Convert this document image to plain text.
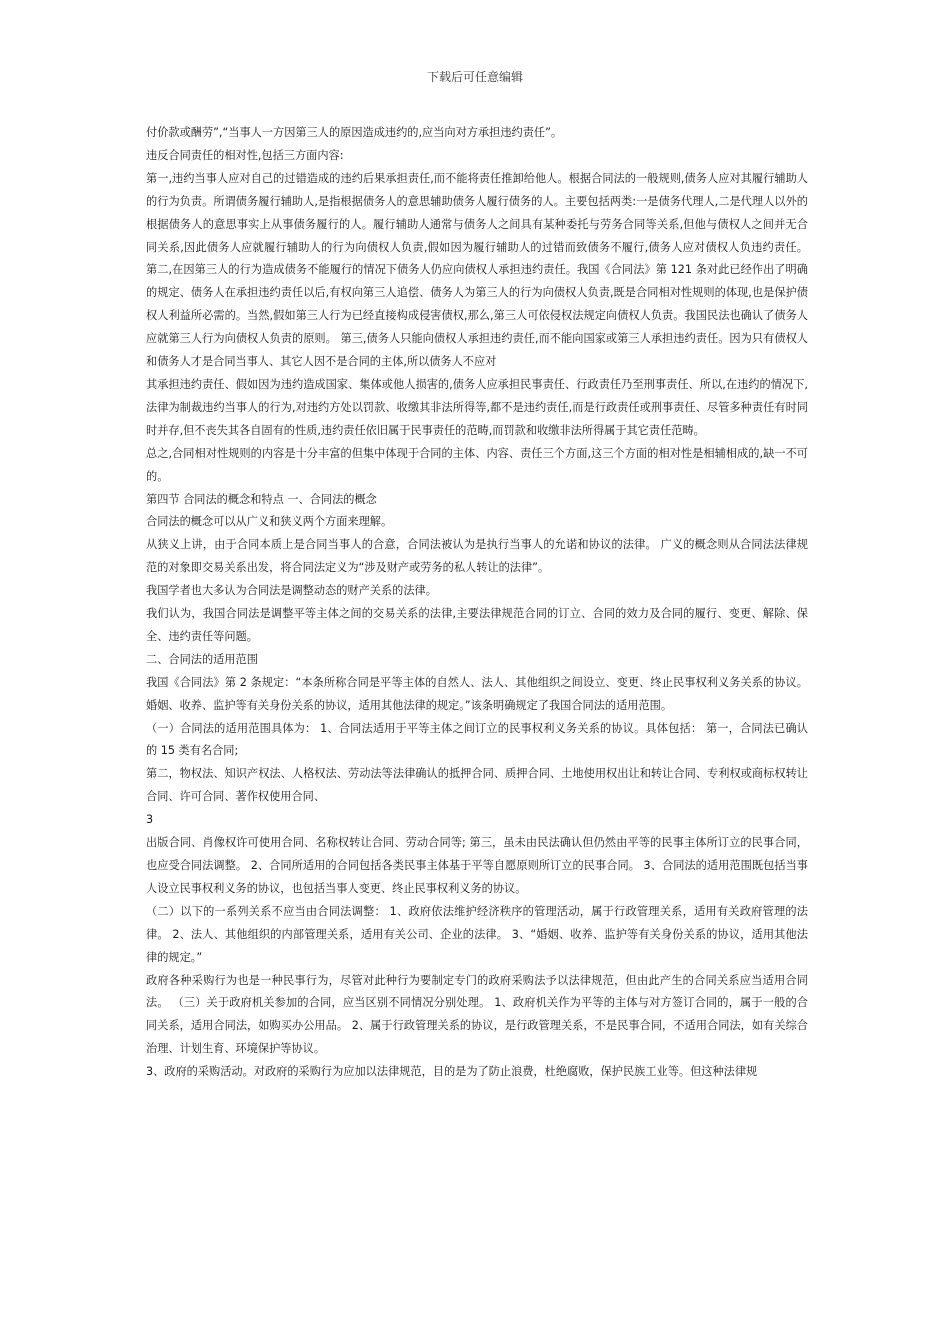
下载后可任意编辑

付价款或酬劳”,“当事人一方因第三人的原因造成违约的,应当向对方承担违约责任”。

违反合同责任的相对性,包括三方面内容:

第一,违约当事人应对自己的过错造成的违约后果承担责任,而不能将责任推卸给他人。根据合同法的一般规则,债务人应对其履行辅助人的行为负责。所谓债务履行辅助人,是指根据债务人的意思辅助债务人履行债务的人。主要包括两类:一是债务代理人,二是代理人以外的根据债务人的意思事实上从事债务履行的人。履行辅助人通常与债务人之间具有某种委托与劳务合同等关系,但他与债权人之间并无合同关系,因此债务人应就履行辅助人的行为向债权人负责,假如因为履行辅助人的过错而致债务不履行,债务人应对债权人负违约责任。 第二,在因第三人的行为造成债务不能履行的情况下债务人仍应向债权人承担违约责任。我国《合同法》第 121 条对此已经作出了明确的规定、债务人在承担违约责任以后,有权向第三人追偿、债务人为第三人的行为向债权人负责,既是合同相对性规则的体现,也是保护债权人利益所必需的。当然,假如第三人行为已经直接构成侵害债权,那么,第三人可依侵权法规定向债权人负责。我国民法也确认了债务人应就第三人行为向债权人负责的原则。 第三,债务人只能向债权人承担违约责任,而不能向国家或第三人承担违约责任。因为只有债权人和债务人才是合同当事人、其它人因不是合同的主体,所以债务人不应对

其承担违约责任、假如因为违约造成国家、集体或他人损害的,债务人应承担民事责任、行政责任乃至刑事责任、所以,在违约的情况下,法律为制裁违约当事人的行为,对违约方处以罚款、收缴其非法所得等,都不是违约责任,而是行政责任或刑事责任、尽管多种责任有时同时并存,但不丧失其各自固有的性质,违约责任依旧属于民事责任的范畴,而罚款和收缴非法所得属于其它责任范畴。

总之,合同相对性规则的内容是十分丰富的但集中体现于合同的主体、内容、责任三个方面,这三个方面的相对性是相辅相成的,缺一不可的。

第四节 合同法的概念和特点 一、合同法的概念

合同法的概念可以从广义和狭义两个方面来理解。

从狭义上讲，由于合同本质上是合同当事人的合意，合同法被认为是执行当事人的允诺和协议的法律。 广义的概念则从合同法法律规范的对象即交易关系出发，将合同法定义为“涉及财产或劳务的私人转让的法律”。

我国学者也大多认为合同法是调整动态的财产关系的法律。

我们认为，我国合同法是调整平等主体之间的交易关系的法律,主要法律规范合同的订立、合同的效力及合同的履行、变更、解除、保全、违约责任等问题。

二、合同法的适用范围

我国《合同法》第 2 条规定：“本条所称合同是平等主体的自然人、法人、其他组织之间设立、变更、终止民事权利义务关系的协议。婚姻、收养、监护等有关身份关系的协议，适用其他法律的规定。”该条明确规定了我国合同法的适用范围。

（一）合同法的适用范围具体为： 1、合同法适用于平等主体之间订立的民事权利义务关系的协议。具体包括： 第一，合同法已确认的 15 类有名合同;

第二，物权法、知识产权法、人格权法、劳动法等法律确认的抵押合同、质押合同、土地使用权出让和转让合同、专利权或商标权转让合同、许可合同、著作权使用合同、

3

出版合同、肖像权许可使用合同、名称权转让合同、劳动合同等; 第三，虽未由民法确认但仍然由平等的民事主体所订立的民事合同，也应受合同法调整。 2、合同所适用的合同包括各类民事主体基于平等自愿原则所订立的民事合同。 3、合同法的适用范围既包括当事人设立民事权利义务的协议，也包括当事人变更、终止民事权利义务的协议。

（二）以下的一系列关系不应当由合同法调整： 1、政府依法维护经济秩序的管理活动，属于行政管理关系，适用有关政府管理的法律。 2、法人、其他组织的内部管理关系，适用有关公司、企业的法律。 3、“婚姻、收养、监护等有关身份关系的协议，适用其他法律的规定。”

政府各种采购行为也是一种民事行为，尽管对此种行为要制定专门的政府采购法予以法律规范，但由此产生的合同关系应当适用合同法。 （三）关于政府机关参加的合同，应当区别不同情况分别处理。 1、政府机关作为平等的主体与对方签订合同的，属于一般的合同关系，适用合同法，如购买办公用品。 2、属于行政管理关系的协议，是行政管理关系，不是民事合同，不适用合同法，如有关综合治理、计划生育、环境保护等协议。

3、政府的采购活动。对政府的采购行为应加以法律规范，目的是为了防止浪费，杜绝腐败，保护民族工业等。但这种法律规
